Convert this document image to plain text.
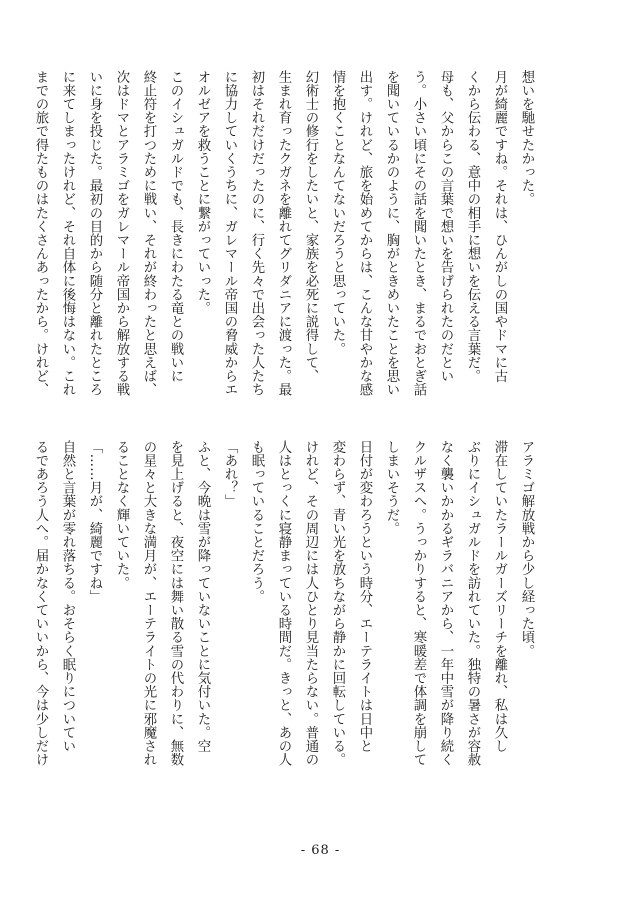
想いを馳せたかった。
月が綺麗ですね。それは、ひんがしの国やドマに古
くから伝わる、意中の相手に想いを伝える言葉だ。
母も、父からこの言葉で想いを告げられたのだとい
う。小さい頃にその話を聞いたとき、まるでおとぎ話
を聞いているかのように、胸がときめいたことを思い
出す。けれど、旅を始めてからは、こんな甘やかな感
情を抱くことなんてないだろうと思っていた。
幻術士の修行をしたいと、家族を必死に説得して、
生まれ育ったクガネを離れてグリダニアに渡った。最
初はそれだけだったのに、行く先々で出会った人たち
に協力していくうちに、ガレマール帝国の脅威からエ
オルゼアを救うことに繋がっていった。
このイシュガルドでも、長きにわたる竜との戦いに
終止符を打つために戦い、それが終わったと思えば、
次はドマとアラミゴをガレマール帝国から解放する戦
いに身を投じた。最初の目的から随分と離れたところ
に来てしまったけれど、それ自体に後悔はない。これ
までの旅で得たものはたくさんあったから。けれど、
アラミゴ解放戦から少し経った頃。
滞在していたラールガーズリーチを離れ、私は久し
ぶりにイシュガルドを訪れていた。独特の暑さが容赦
なく襲いかかるギラバニアから、一年中雪が降り続く
クルザスへ。うっかりすると、寒暖差で体調を崩して
しまいそうだ。
日付が変わろうという時分、エーテライトは日中と
変わらず、青い光を放ちながら静かに回転している。
けれど、その周辺には人ひとり見当たらない。普通の
人はとっくに寝静まっている時間だ。きっと、あの人
も眠っていることだろう。
「あれ？」
ふと、今晩は雪が降っていないことに気付いた。空
を見上げると、夜空には舞い散る雪の代わりに、無数
の星々と大きな満月が、エーテライトの光に邪魔され
ることなく輝いていた。
「……月が、綺麗ですね」
自然と言葉が零れ落ちる。おそらく眠りについてい
るであろう人へ。届かなくていいから、今は少しだけ
- 68 -
